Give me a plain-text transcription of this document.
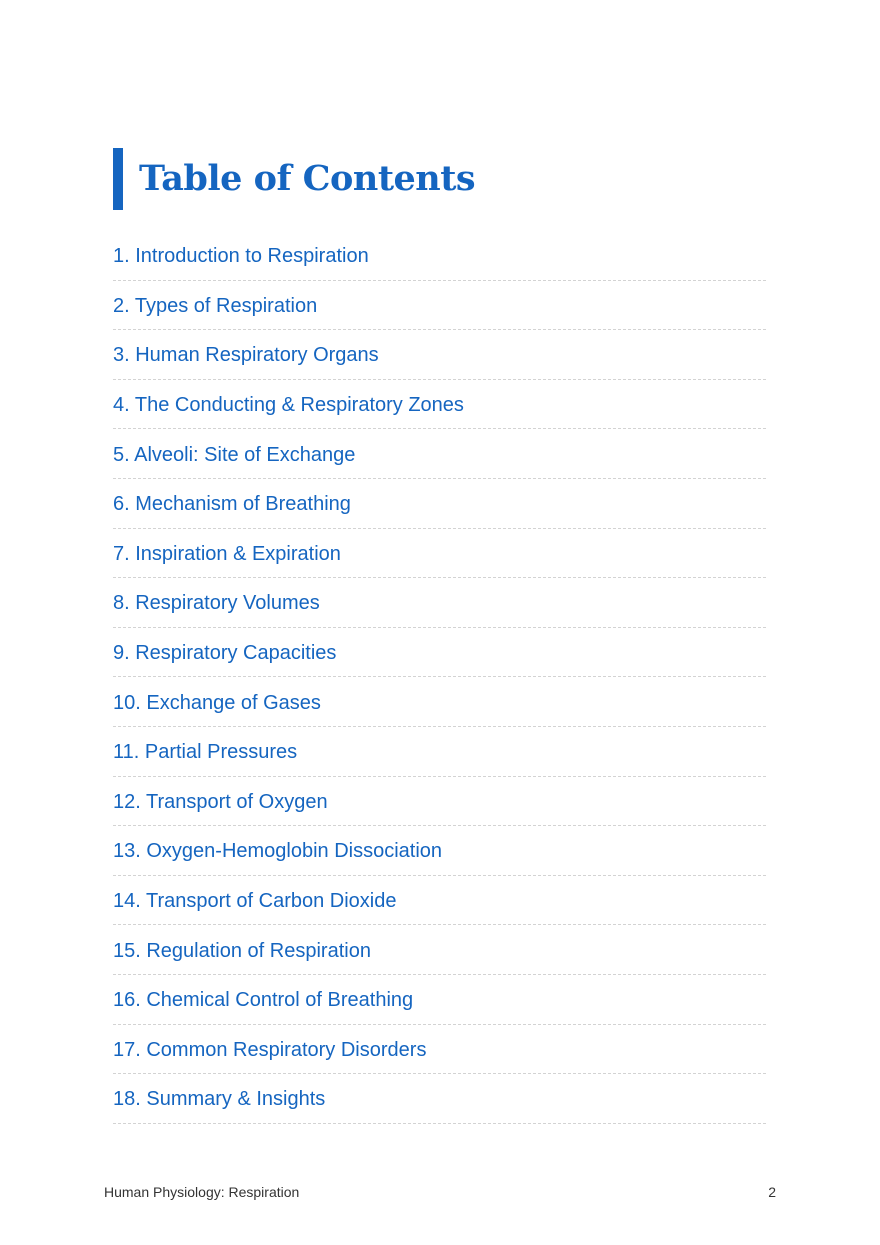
Table of Contents
1. Introduction to Respiration
2. Types of Respiration
3. Human Respiratory Organs
4. The Conducting & Respiratory Zones
5. Alveoli: Site of Exchange
6. Mechanism of Breathing
7. Inspiration & Expiration
8. Respiratory Volumes
9. Respiratory Capacities
10. Exchange of Gases
11. Partial Pressures
12. Transport of Oxygen
13. Oxygen-Hemoglobin Dissociation
14. Transport of Carbon Dioxide
15. Regulation of Respiration
16. Chemical Control of Breathing
17. Common Respiratory Disorders
18. Summary & Insights
Human Physiology: Respiration	2
